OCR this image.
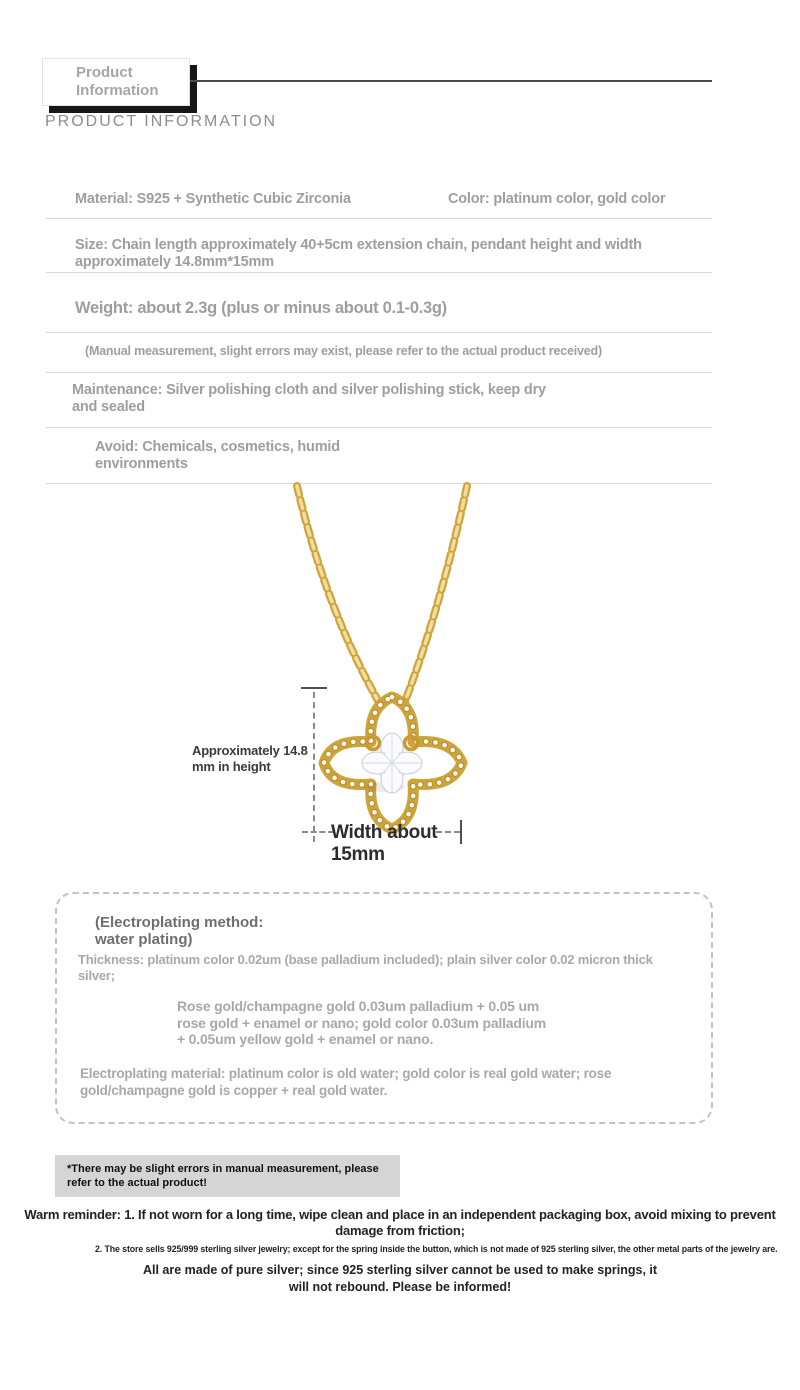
Product Information
PRODUCT INFORMATION
Material: S925 + Synthetic Cubic Zirconia	Color: platinum color, gold color
Size: Chain length approximately 40+5cm extension chain, pendant height and width approximately 14.8mm*15mm
Weight: about 2.3g (plus or minus about 0.1-0.3g)
(Manual measurement, slight errors may exist, please refer to the actual product received)
Maintenance: Silver polishing cloth and silver polishing stick, keep dry and sealed
Avoid: Chemicals, cosmetics, humid environments
Approximately 14.8 mm in height
Width about 15mm
(Electroplating method: water plating)
Thickness: platinum color 0.02um (base palladium included); plain silver color 0.02 micron thick silver;
Rose gold/champagne gold 0.03um palladium + 0.05 um rose gold + enamel or nano; gold color 0.03um palladium + 0.05um yellow gold + enamel or nano.
Electroplating material: platinum color is old water; gold color is real gold water; rose gold/champagne gold is copper + real gold water.
*There may be slight errors in manual measurement, please refer to the actual product!
Warm reminder: 1. If not worn for a long time, wipe clean and place in an independent packaging box, avoid mixing to prevent damage from friction;
2. The store sells 925/999 sterling silver jewelry; except for the spring inside the button, which is not made of 925 sterling silver, the other metal parts of the jewelry are.
All are made of pure silver; since 925 sterling silver cannot be used to make springs, it will not rebound. Please be informed!
